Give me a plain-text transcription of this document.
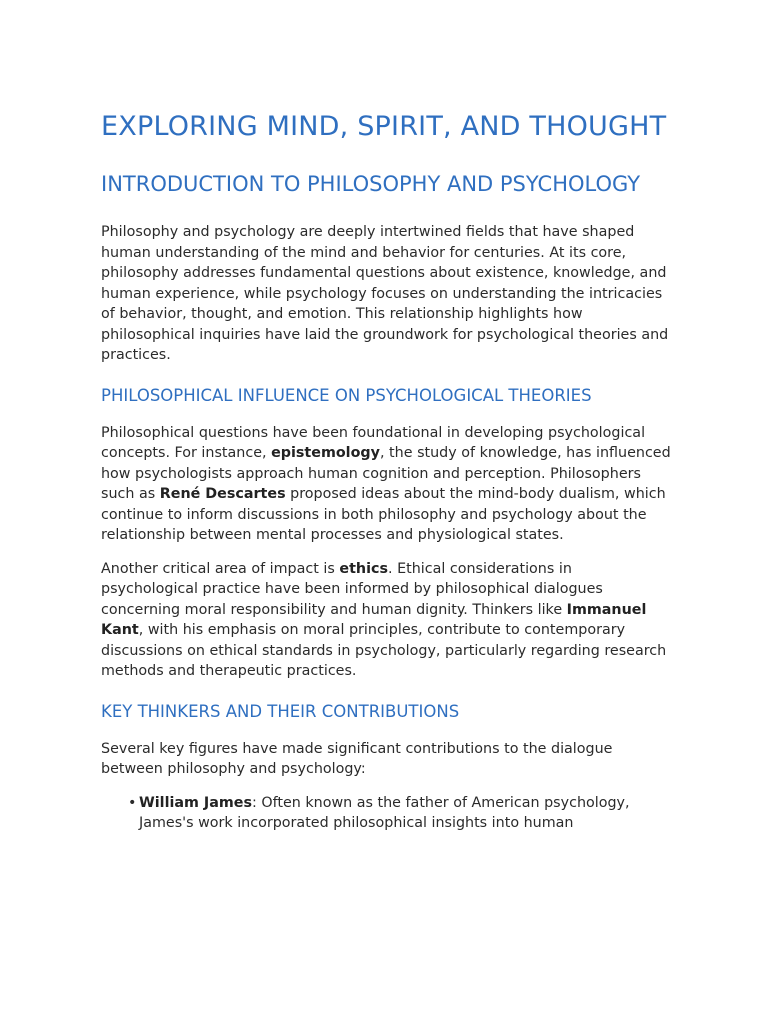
EXPLORING MIND, SPIRIT, AND THOUGHT
INTRODUCTION TO PHILOSOPHY AND PSYCHOLOGY

Philosophy and psychology are deeply intertwined fields that have shaped human understanding of the mind and behavior for centuries. At its core, philosophy addresses fundamental questions about existence, knowledge, and human experience, while psychology focuses on understanding the intricacies of behavior, thought, and emotion. This relationship highlights how philosophical inquiries have laid the groundwork for psychological theories and practices.

PHILOSOPHICAL INFLUENCE ON PSYCHOLOGICAL THEORIES

Philosophical questions have been foundational in developing psychological concepts. For instance, epistemology, the study of knowledge, has influenced how psychologists approach human cognition and perception. Philosophers such as René Descartes proposed ideas about the mind-body dualism, which continue to inform discussions in both philosophy and psychology about the relationship between mental processes and physiological states.

Another critical area of impact is ethics. Ethical considerations in psychological practice have been informed by philosophical dialogues concerning moral responsibility and human dignity. Thinkers like Immanuel Kant, with his emphasis on moral principles, contribute to contemporary discussions on ethical standards in psychology, particularly regarding research methods and therapeutic practices.

KEY THINKERS AND THEIR CONTRIBUTIONS

Several key figures have made significant contributions to the dialogue between philosophy and psychology:

• William James: Often known as the father of American psychology, James's work incorporated philosophical insights into human
